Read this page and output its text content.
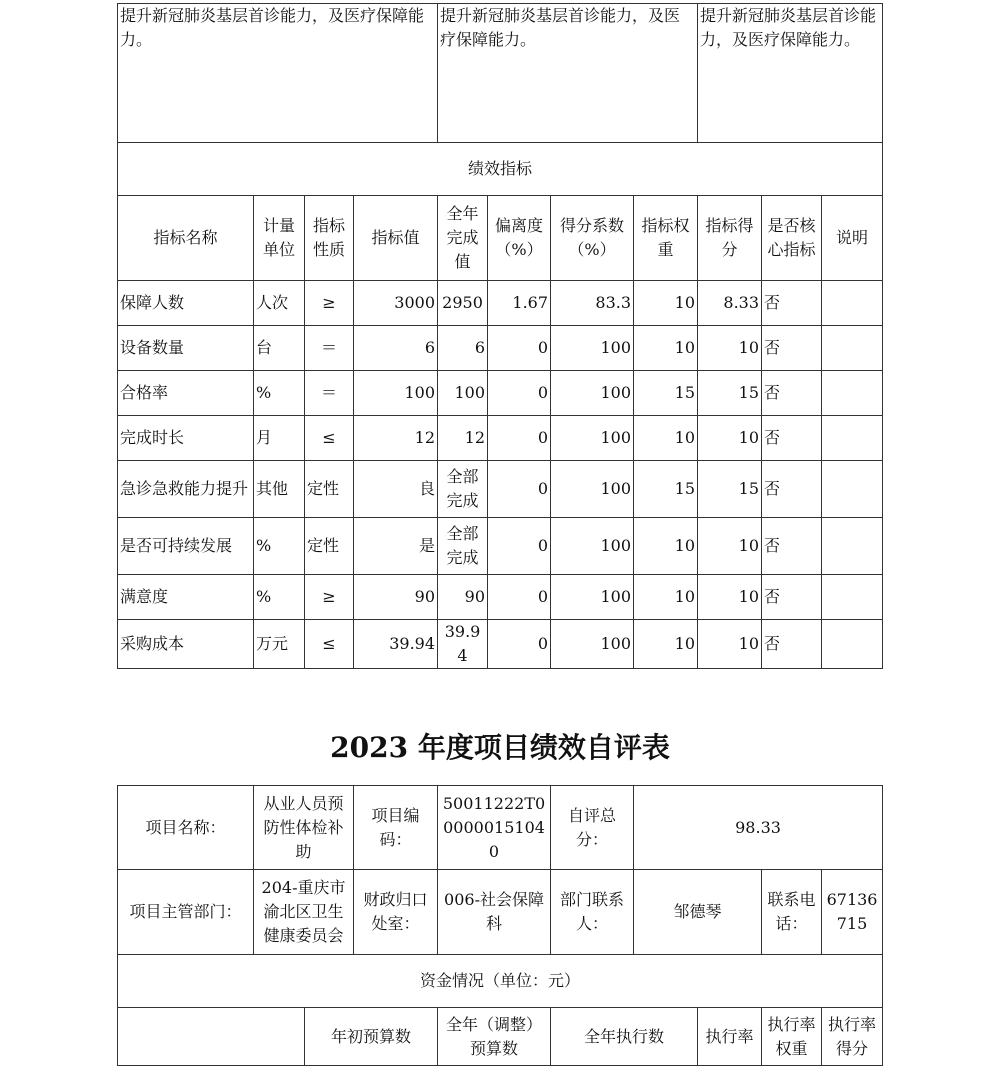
提升新冠肺炎基层首诊能力，及医疗保障能力。				提升新冠肺炎基层首诊能力，及医疗保障能力。				提升新冠肺炎基层首诊能力，及医疗保障能力。		
绩效指标										
指标名称	计量单位	指标性质	指标值	全年完成值	偏离度（%）	得分系数（%）	指标权重	指标得分	是否核心指标	说明
保障人数	人次	≥	3000	2950	1.67	83.3	10	8.33	否	
设备数量	台	＝	6	6	0	100	10	10	否	
合格率	%	＝	100	100	0	100	15	15	否	
完成时长	月	≤	12	12	0	100	10	10	否	
急诊急救能力提升	其他	定性	良	全部完成	0	100	15	15	否	
是否可持续发展	%	定性	是	全部完成	0	100	10	10	否	
满意度	%	≥	90	90	0	100	10	10	否	
采购成本	万元	≤	39.94	39.94	0	100	10	10	否	
2023 年度项目绩效自评表
项目名称：	从业人员预防性体检补助		项目编码：	50011222T000000151040	自评总分：	98.33			
项目主管部门：	204-重庆市渝北区卫生健康委员会		财政归口处室：	006-社会保障科	部门联系人：	邹德琴		联系电话：	67136715
资金情况（单位：元）									
		年初预算数		全年（调整）预算数	全年执行数		执行率	执行率权重	执行率得分
